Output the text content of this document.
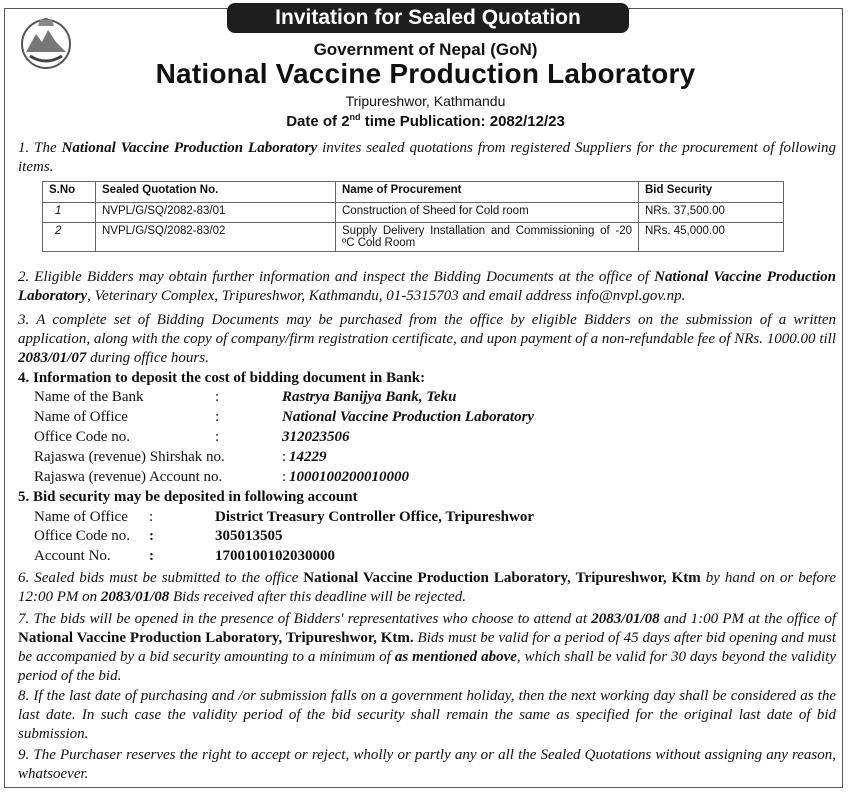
Invitation for Sealed Quotation
Government of Nepal (GoN)
National Vaccine Production Laboratory
Tripureshwor, Kathmandu
Date of 2nd time Publication: 2082/12/23
1. The National Vaccine Production Laboratory invites sealed quotations from registered Suppliers for the procurement of following items.
S.No	Sealed Quotation No.	Name of Procurement	Bid Security
1	NVPL/G/SQ/2082-83/01	Construction of Sheed for Cold room	NRs. 37,500.00
2	NVPL/G/SQ/2082-83/02	Supply Delivery Installation and Commissioning of -20 ºC Cold Room	NRs. 45,000.00
2. Eligible Bidders may obtain further information and inspect the Bidding Documents at the office of National Vaccine Production Laboratory, Veterinary Complex, Tripureshwor, Kathmandu, 01-5315703 and email address info@nvpl.gov.np.
3. A complete set of Bidding Documents may be purchased from the office by eligible Bidders on the submission of a written application, along with the copy of company/firm registration certificate, and upon payment of a non-refundable fee of NRs. 1000.00 till 2083/01/07 during office hours.

4. Information to deposit the cost of bidding document in Bank:
Name of the Bank	:	Rastrya Banijya Bank, Teku
Name of Office	:	National Vaccine Production Laboratory
Office Code no.	:	312023506
Rajaswa (revenue) Shirshak no.	: 14229
Rajaswa (revenue) Account no.	: 1000100200010000
5. Bid security may be deposited in following account
Name of Office :	District Treasury Controller Office, Tripureshwor
Office Code no. :	305013505
Account No.	:	1700100102030000
6. Sealed bids must be submitted to the office National Vaccine Production Laboratory, Tripureshwor, Ktm by hand on or before 12:00 PM on 2083/01/08 Bids received after this deadline will be rejected.
7. The bids will be opened in the presence of Bidders' representatives who choose to attend at 2083/01/08 and 1:00 PM at the office of National Vaccine Production Laboratory, Tripureshwor, Ktm. Bids must be valid for a period of 45 days after bid opening and must be accompanied by a bid security amounting to a minimum of as mentioned above, which shall be valid for 30 days beyond the validity period of the bid.
8. If the last date of purchasing and /or submission falls on a government holiday, then the next working day shall be considered as the last date. In such case the validity period of the bid security shall remain the same as specified for the original last date of bid submission.
9. The Purchaser reserves the right to accept or reject, wholly or partly any or all the Sealed Quotations without assigning any reason, whatsoever.
